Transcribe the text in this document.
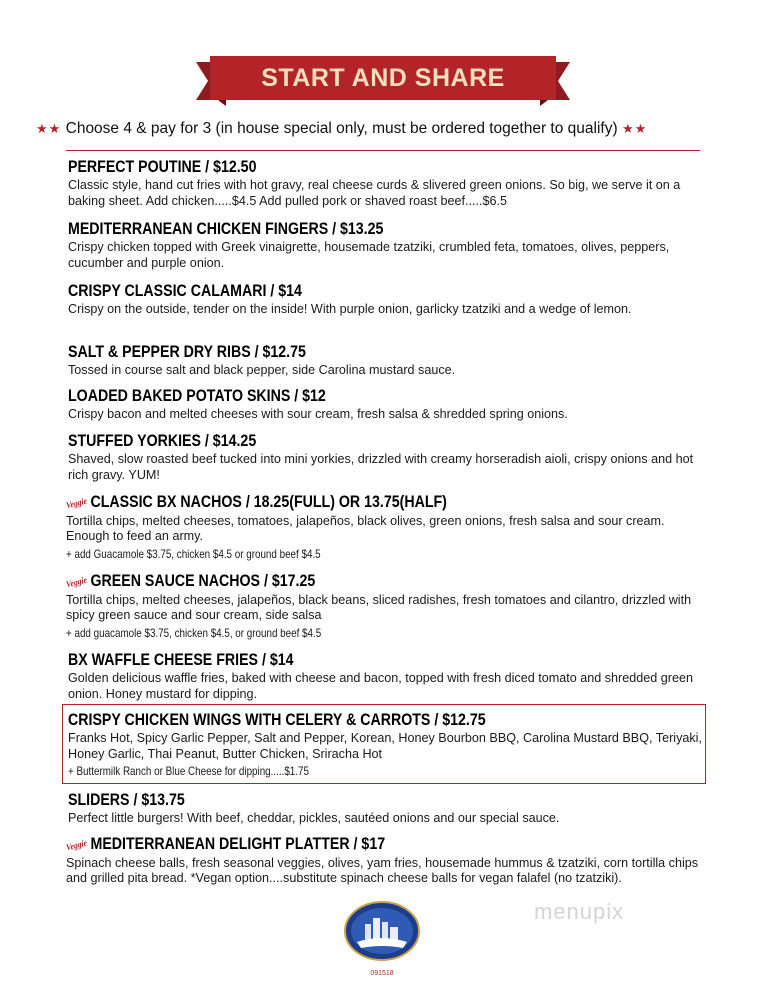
START AND SHARE
★★ Choose 4 & pay for 3 (in house special only, must be ordered together to qualify) ★★
PERFECT POUTINE / $12.50

Classic style, hand cut fries with hot gravy, real cheese curds & slivered green onions. So big, we serve it on a baking sheet. Add chicken.....$4.5 Add pulled pork or shaved roast beef.....$6.5

MEDITERRANEAN CHICKEN FINGERS / $13.25

Crispy chicken topped with Greek vinaigrette, housemade tzatziki, crumbled feta, tomatoes, olives, peppers, cucumber and purple onion.

CRISPY CLASSIC CALAMARI / $14

Crispy on the outside, tender on the inside! With purple onion, garlicky tzatziki and a wedge of lemon.

SALT & PEPPER DRY RIBS / $12.75

Tossed in course salt and black pepper, side Carolina mustard sauce.

LOADED BAKED POTATO SKINS / $12

Crispy bacon and melted cheeses with sour cream, fresh salsa & shredded spring onions.

STUFFED YORKIES / $14.25

Shaved, slow roasted beef tucked into mini yorkies, drizzled with creamy horseradish aioli, crispy onions and hot rich gravy. YUM!

Veggie CLASSIC BX NACHOS / 18.25(FULL) OR 13.75(HALF)

Tortilla chips, melted cheeses, tomatoes, jalapeños, black olives, green onions, fresh salsa and sour cream. Enough to feed an army.

+ add Guacamole $3.75, chicken $4.5 or ground beef $4.5
Veggie GREEN SAUCE NACHOS / $17.25

Tortilla chips, melted cheeses, jalapeños, black beans, sliced radishes, fresh tomatoes and cilantro, drizzled with spicy green sauce and sour cream, side salsa

+ add guacamole $3.75, chicken $4.5, or ground beef $4.5
BX WAFFLE CHEESE FRIES / $14

Golden delicious waffle fries, baked with cheese and bacon, topped with fresh diced tomato and shredded green onion. Honey mustard for dipping.

CRISPY CHICKEN WINGS WITH CELERY & CARROTS / $12.75

Franks Hot, Spicy Garlic Pepper, Salt and Pepper, Korean, Honey Bourbon BBQ, Carolina Mustard BBQ, Teriyaki, Honey Garlic, Thai Peanut, Butter Chicken, Sriracha Hot

+ Buttermilk Ranch or Blue Cheese for dipping.....$1.75
SLIDERS / $13.75

Perfect little burgers! With beef, cheddar, pickles, sautéed onions and our special sauce.

Veggie MEDITERRANEAN DELIGHT PLATTER / $17

Spinach cheese balls, fresh seasonal veggies, olives, yam fries, housemade hummus & tzatziki, corn tortilla chips and grilled pita bread. *Vegan option....substitute spinach cheese balls for vegan falafel (no tzatziki).

091518
menupix
